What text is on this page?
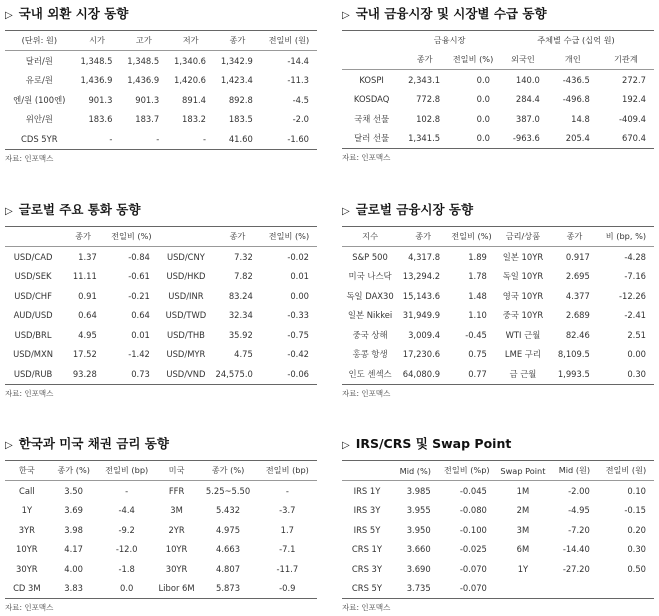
▷ 국내 외환 시장 동향
(단위: 원)	시가	고가	저가	종가	전일비 (원)
달러/원	1,348.5	1,348.5	1,340.6	1,342.9	-14.4
유로/원	1,436.9	1,436.9	1,420.6	1,423.4	-11.3
엔/원 (100엔)	901.3	901.3	891.4	892.8	-4.5
위안/원	183.6	183.7	183.2	183.5	-2.0
CDS 5YR	-	-	-	41.60	-1.60
자료: 인포맥스
▷ 국내 금융시장 및 시장별 수급 동향
	금융시장		주체별 수급 (십억 원)		
	종가	전일비 (%)	외국인	개인	기관계
KOSPI	2,343.1	0.0	140.0	-436.5	272.7
KOSDAQ	772.8	0.0	284.4	-496.8	192.4
국채 선물	102.8	0.0	387.0	14.8	-409.4
달러 선물	1,341.5	0.0	-963.6	205.4	670.4
자료: 인포맥스
▷ 글로벌 주요 통화 동향
	종가	전일비 (%)		종가	전일비 (%)
USD/CAD	1.37	-0.84	USD/CNY	7.32	-0.02
USD/SEK	11.11	-0.61	USD/HKD	7.82	0.01
USD/CHF	0.91	-0.21	USD/INR	83.24	0.00
AUD/USD	0.64	0.64	USD/TWD	32.34	-0.33
USD/BRL	4.95	0.01	USD/THB	35.92	-0.75
USD/MXN	17.52	-1.42	USD/MYR	4.75	-0.42
USD/RUB	93.28	0.73	USD/VND	24,575.0	-0.06
자료: 인포맥스
▷ 글로벌 금융시장 동향
지수	종가	전일비 (%)	금리/상품	종가	비 (bp, %)
S&P 500	4,317.8	1.89	일본 10YR	0.917	-4.28
미국 나스닥	13,294.2	1.78	독일 10YR	2.695	-7.16
독일 DAX30	15,143.6	1.48	영국 10YR	4.377	-12.26
일본 Nikkei	31,949.9	1.10	중국 10YR	2.689	-2.41
중국 상해	3,009.4	-0.45	WTI 근월	82.46	2.51
홍콩 항생	17,230.6	0.75	LME 구리	8,109.5	0.00
인도 센섹스	64,080.9	0.77	금 근월	1,993.5	0.30
자료: 인포맥스
▷ 한국과 미국 채권 금리 동향
한국	종가 (%)	전일비 (bp)	미국	종가 (%)	전일비 (bp)
Call	3.50	-	FFR	5.25~5.50	-
1Y	3.69	-4.4	3M	5.432	-3.7
3YR	3.98	-9.2	2YR	4.975	1.7
10YR	4.17	-12.0	10YR	4.663	-7.1
30YR	4.00	-1.8	30YR	4.807	-11.7
CD 3M	3.83	0.0	Libor 6M	5.873	-0.9
자료: 인포맥스
▷ IRS/CRS 및 Swap Point
	Mid (%)	전일비 (%p)	Swap Point	Mid (원)	전일비 (원)
IRS 1Y	3.985	-0.045	1M	-2.00	0.10
IRS 3Y	3.955	-0.080	2M	-4.95	-0.15
IRS 5Y	3.950	-0.100	3M	-7.20	0.20
CRS 1Y	3.660	-0.025	6M	-14.40	0.30
CRS 3Y	3.690	-0.070	1Y	-27.20	0.50
CRS 5Y	3.735	-0.070			
자료: 인포맥스
